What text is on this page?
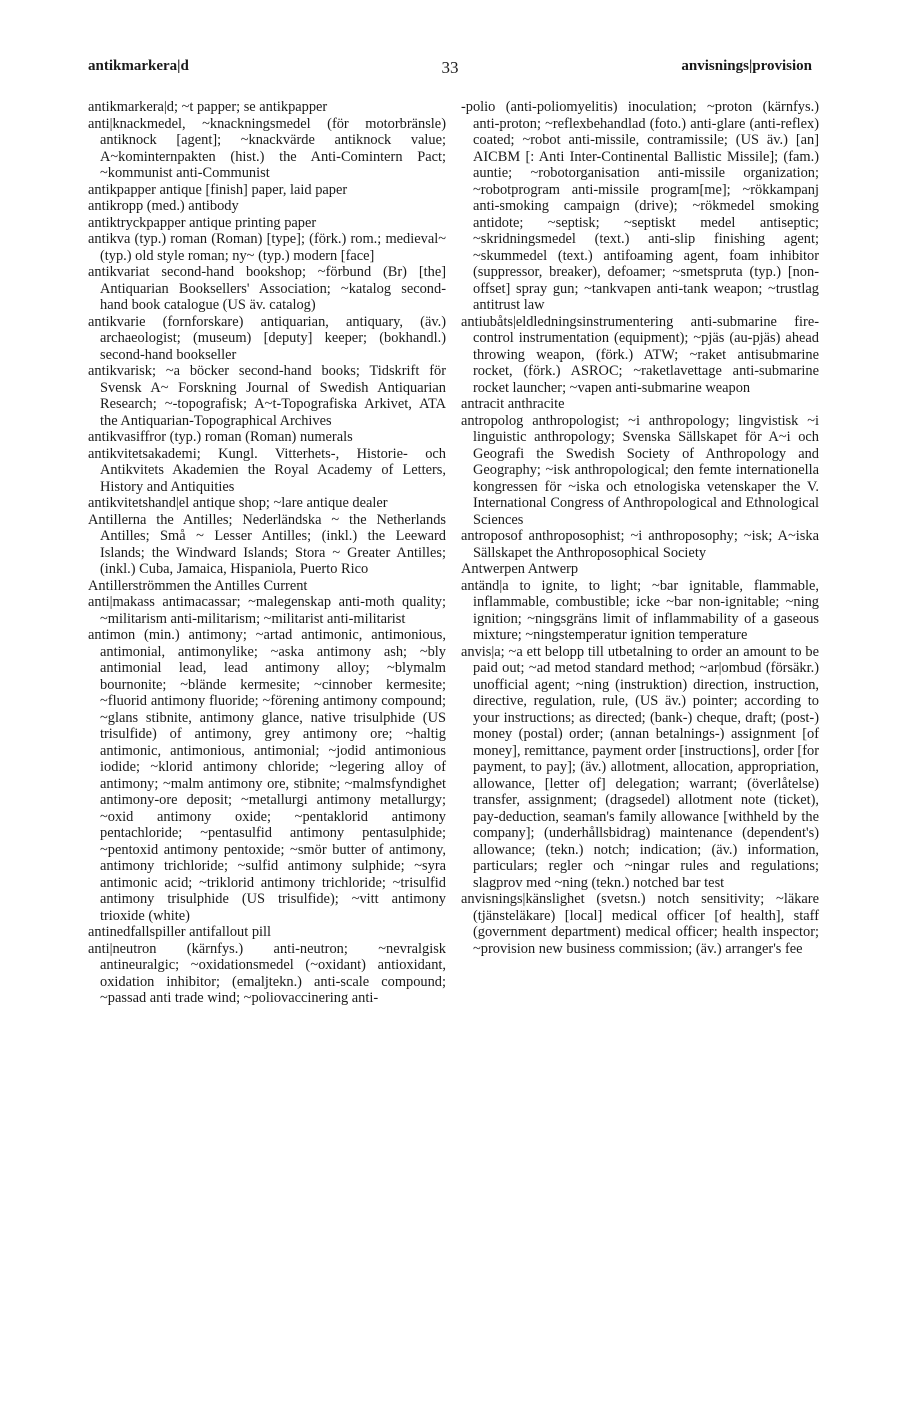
33
antikmarkera|d	anvisnings|provision

antikmarkera|d; ~t papper; se antikpapper

anti|knackmedel, ~knackningsmedel (för motorbränsle) antiknock [agent]; ~knackvärde antiknock value; A~kominternpakten (hist.) the Anti-Comintern Pact; ~kommunist anti-Communist

antikpapper antique [finish] paper, laid paper

antikropp (med.) antibody

antiktryckpapper antique printing paper

antikva (typ.) roman (Roman) [type]; (förk.) rom.; medieval~ (typ.) old style roman; ny~ (typ.) modern [face]

antikvariat second-hand bookshop; ~förbund (Br) [the] Antiquarian Booksellers' Association; ~katalog second-hand book catalogue (US äv. catalog)

antikvarie (fornforskare) antiquarian, antiquary, (äv.) archaeologist; (museum) [deputy] keeper; (bokhandl.) second-hand bookseller

antikvarisk; ~a böcker second-hand books; Tidskrift för Svensk A~ Forskning Journal of Swedish Antiquarian Research; ~-topografisk; A~t-Topografiska Arkivet, ATA the Antiquarian-Topographical Archives

antikvasiffror (typ.) roman (Roman) numerals

antikvitetsakademi; Kungl. Vitterhets-, Historie- och Antikvitets Akademien the Royal Academy of Letters, History and Antiquities

antikvitetshand|el antique shop; ~lare antique dealer

Antillerna the Antilles; Nederländska ~ the Netherlands Antilles; Små ~ Lesser Antilles; (inkl.) the Leeward Islands; the Windward Islands; Stora ~ Greater Antilles; (inkl.) Cuba, Jamaica, Hispaniola, Puerto Rico

Antillerströmmen the Antilles Current

anti|makass antimacassar; ~malegenskap anti-moth quality; ~militarism anti-militarism; ~militarist anti-militarist

antimon (min.) antimony; ~artad antimonic, antimonious, antimonial, antimonylike; ~aska antimony ash; ~bly antimonial lead, lead antimony alloy; ~blymalm bournonite; ~blände kermesite; ~cinnober kermesite; ~fluorid antimony fluoride; ~förening antimony compound; ~glans stibnite, antimony glance, native trisulphide (US trisulfide) of antimony, grey antimony ore; ~haltig antimonic, antimonious, antimonial; ~jodid antimonious iodide; ~klorid antimony chloride; ~legering alloy of antimony; ~malm antimony ore, stibnite; ~malmsfyndighet antimony-ore deposit; ~metallurgi antimony metallurgy; ~oxid antimony oxide; ~pentaklorid antimony pentachloride; ~pentasulfid antimony pentasulphide; ~pentoxid antimony pentoxide; ~smör butter of antimony, antimony trichloride; ~sulfid antimony sulphide; ~syra antimonic acid; ~triklorid antimony trichloride; ~trisulfid antimony trisulphide (US trisulfide); ~vitt antimony trioxide (white)

antinedfallspiller antifallout pill

anti|neutron (kärnfys.) anti-neutron; ~nevralgisk antineuralgic; ~oxidationsmedel (~oxidant) antioxidant, oxidation inhibitor; (emaljtekn.) anti-scale compound; ~passad anti trade wind; ~poliovaccinering anti-

-polio (anti-poliomyelitis) inoculation; ~proton (kärnfys.) anti-proton; ~reflexbehandlad (foto.) anti-glare (anti-reflex) coated; ~robot anti-missile, contramissile; (US äv.) [an] AICBM [: Anti Inter-Continental Ballistic Missile]; (fam.) auntie; ~robotorganisation anti-missile organization; ~robotprogram anti-missile program[me]; ~rökkampanj anti-smoking campaign (drive); ~rökmedel smoking antidote; ~septisk; ~septiskt medel antiseptic; ~skridningsmedel (text.) anti-slip finishing agent; ~skummedel (text.) antifoaming agent, foam inhibitor (suppressor, breaker), defoamer; ~smetspruta (typ.) [non-offset] spray gun; ~tankvapen anti-tank weapon; ~trustlag antitrust law

antiubåts|eldledningsinstrumentering anti-submarine fire-control instrumentation (equipment); ~pjäs (au-pjäs) ahead throwing weapon, (förk.) ATW; ~raket antisubmarine rocket, (förk.) ASROC; ~raketlavettage anti-submarine rocket launcher; ~vapen anti-submarine weapon

antracit anthracite

antropolog anthropologist; ~i anthropology; lingvistisk ~i linguistic anthropology; Svenska Sällskapet för A~i och Geografi the Swedish Society of Anthropology and Geography; ~isk anthropological; den femte internationella kongressen för ~iska och etnologiska vetenskaper the V. International Congress of Anthropological and Ethnological Sciences

antroposof anthroposophist; ~i anthroposophy; ~isk; A~iska Sällskapet the Anthroposophical Society

Antwerpen Antwerp

antänd|a to ignite, to light; ~bar ignitable, flammable, inflammable, combustible; icke ~bar non-ignitable; ~ning ignition; ~ningsgräns limit of inflammability of a gaseous mixture; ~ningstemperatur ignition temperature

anvis|a; ~a ett belopp till utbetalning to order an amount to be paid out; ~ad metod standard method; ~ar|ombud (försäkr.) unofficial agent; ~ning (instruktion) direction, instruction, directive, regulation, rule, (US äv.) pointer; according to your instructions; as directed; (bank-) cheque, draft; (post-) money (postal) order; (annan betalnings-) assignment [of money], remittance, payment order [instructions], order [for payment, to pay]; (äv.) allotment, allocation, appropriation, allowance, [letter of] delegation; warrant; (överlåtelse) transfer, assignment; (dragsedel) allotment note (ticket), pay-deduction, seaman's family allowance [withheld by the company]; (underhållsbidrag) maintenance (dependent's) allowance; (tekn.) notch; indication; (äv.) information, particulars; regler och ~ningar rules and regulations; slagprov med ~ning (tekn.) notched bar test

anvisnings|känslighet (svetsn.) notch sensitivity; ~läkare (tjänsteläkare) [local] medical officer [of health], staff (government department) medical officer; health inspector; ~provision new business commission; (äv.) arranger's fee
